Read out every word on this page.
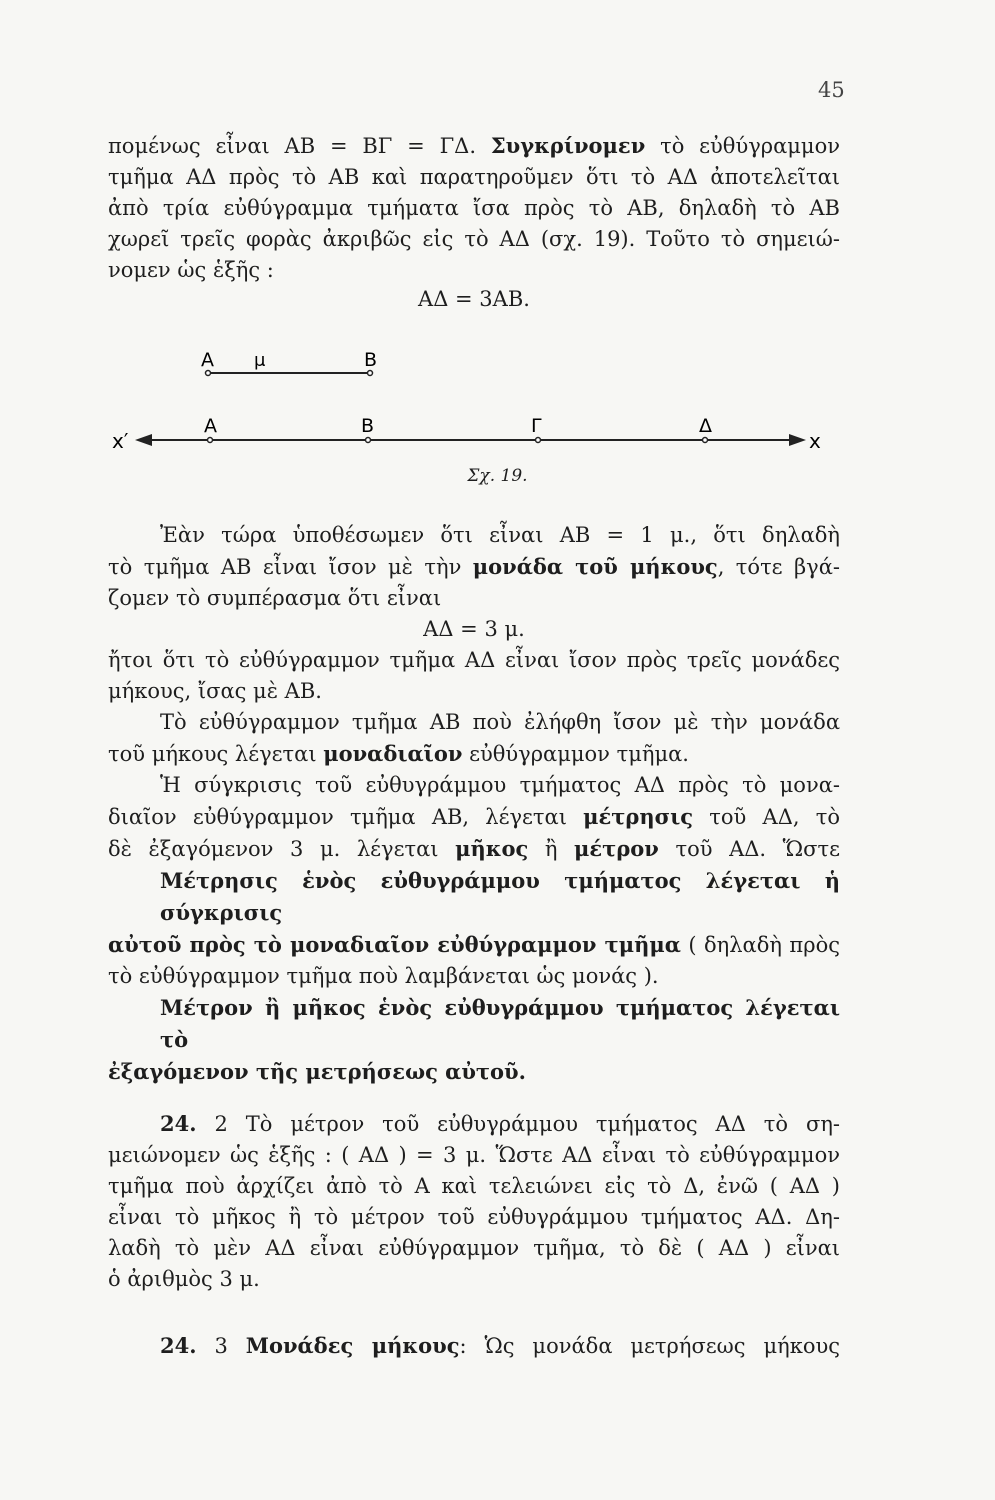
45
πομένως εἶναι ΑΒ = ΒΓ = ΓΔ. Συγκρίνομεν τὸ εὐθύγραμμον
τμῆμα ΑΔ πρὸς τὸ ΑΒ καὶ παρατηροῦμεν ὅτι τὸ ΑΔ ἀποτελεῖται
ἀπὸ τρία εὐθύγραμμα τμήματα ἴσα πρὸς τὸ ΑΒ, δηλαδὴ τὸ ΑΒ
χωρεῖ τρεῖς φορὰς ἀκριβῶς εἰς τὸ ΑΔ (σχ. 19). Τοῦτο τὸ σημειώ-
νομεν ὡς ἑξῆς :
ΑΔ = 3ΑΒ.
Α μ	Β
x′	x
Α	Β	Γ	Δ
Σχ. 19.
Ἐὰν τώρα ὑποθέσωμεν ὅτι εἶναι ΑΒ = 1 μ., ὅτι δηλαδὴ
τὸ τμῆμα ΑΒ εἶναι ἴσον μὲ τὴν μονάδα τοῦ μήκους, τότε βγά-
ζομεν τὸ συμπέρασμα ὅτι εἶναι
ΑΔ = 3 μ.
ἤτοι ὅτι τὸ εὐθύγραμμον τμῆμα ΑΔ εἶναι ἴσον πρὸς τρεῖς μονάδες
μήκους, ἴσας μὲ ΑΒ.
Τὸ εὐθύγραμμον τμῆμα ΑΒ ποὺ ἐλήφθη ἴσον μὲ τὴν μονάδα
τοῦ μήκους λέγεται μοναδιαῖον εὐθύγραμμον τμῆμα.
Ἡ σύγκρισις τοῦ εὐθυγράμμου τμήματος ΑΔ πρὸς τὸ μονα-
διαῖον εὐθύγραμμον τμῆμα ΑΒ, λέγεται μέτρησις τοῦ ΑΔ, τὸ
δὲ ἐξαγόμενον 3 μ. λέγεται μῆκος ἢ μέτρον τοῦ ΑΔ. Ὥστε
Μέτρησις ἑνὸς εὐθυγράμμου τμήματος λέγεται ἡ σύγκρισις
αὐτοῦ πρὸς τὸ μοναδιαῖον εὐθύγραμμον τμῆμα ( δηλαδὴ πρὸς
τὸ εὐθύγραμμον τμῆμα ποὺ λαμβάνεται ὡς μονάς ).
Μέτρον ἢ μῆκος ἑνὸς εὐθυγράμμου τμήματος λέγεται τὸ
ἐξαγόμενον τῆς μετρήσεως αὐτοῦ.
24. 2 Τὸ μέτρον τοῦ εὐθυγράμμου τμήματος ΑΔ τὸ ση-
μειώνομεν ὡς ἑξῆς : ( ΑΔ ) = 3 μ. Ὥστε ΑΔ εἶναι τὸ εὐθύγραμμον
τμῆμα ποὺ ἀρχίζει ἀπὸ τὸ Α καὶ τελειώνει εἰς τὸ Δ, ἐνῶ ( ΑΔ )
εἶναι τὸ μῆκος ἢ τὸ μέτρον τοῦ εὐθυγράμμου τμήματος ΑΔ. Δη-
λαδὴ τὸ μὲν ΑΔ εἶναι εὐθύγραμμον τμῆμα, τὸ δὲ ( ΑΔ ) εἶναι
ὁ ἀριθμὸς 3 μ.
24. 3 Μονάδες μήκους: Ὡς μονάδα μετρήσεως μήκους
